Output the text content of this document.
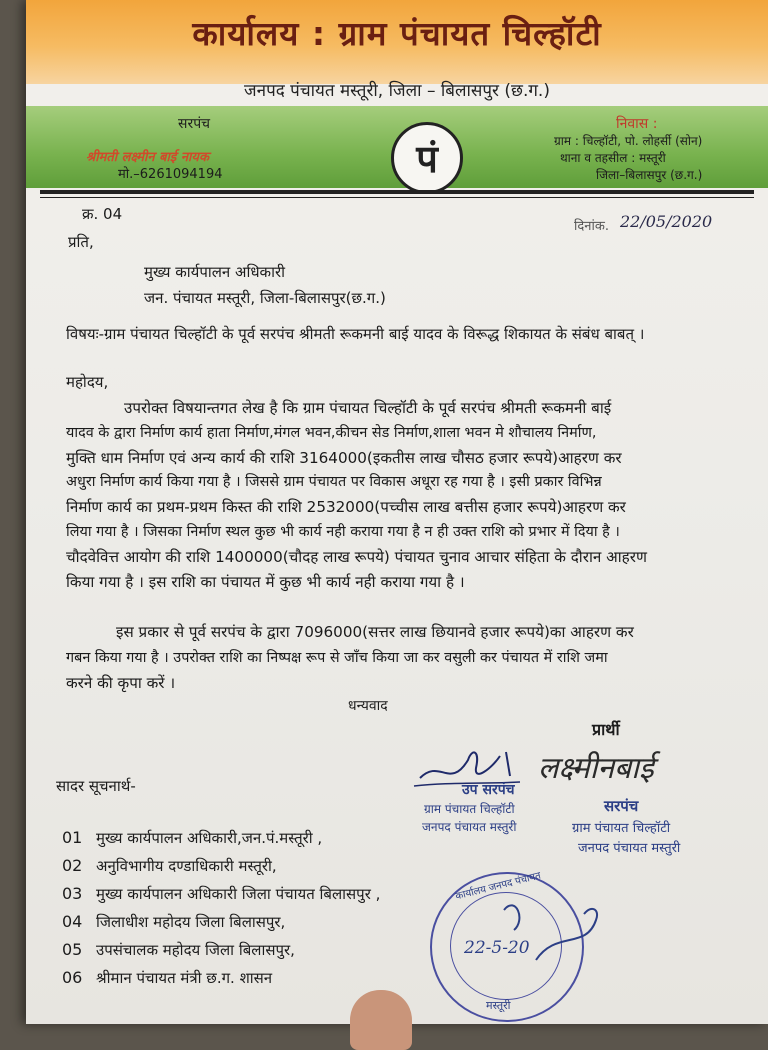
कार्यालय : ग्राम पंचायत चिल्हॉटी
जनपद पंचायत मस्तूरी, जिला – बिलासपुर (छ.ग.)
सरपंच
श्रीमती लक्ष्मीन बाई नायक
मो.–6261094194	पं
निवास :
ग्राम : चिल्हॉटी, पो. लोहर्सी (सोन)
थाना व तहसील : मस्तूरी
जिला–बिलासपुर (छ.ग.)
क्र. 04
दिनांक. 22/05/2020
प्रति,
मुख्य कार्यपालन अधिकारी
जन. पंचायत मस्तूरी, जिला-बिलासपुर(छ.ग.)
विषयः-ग्राम पंचायत चिल्हॉटी के पूर्व सरपंच श्रीमती रूकमनी बाई यादव के विरूद्ध शिकायत के संबंध बाबत् ।
महोदय,
उपरोक्त विषयान्तगत लेख है कि ग्राम पंचायत चिल्हॉटी के पूर्व सरपंच श्रीमती रूकमनी बाई
यादव के द्वारा निर्माण कार्य हाता निर्माण,मंगल भवन,कीचन सेड निर्माण,शाला भवन मे शौचालय निर्माण,
मुक्ति धाम निर्माण एवं अन्य कार्य की राशि 3164000(इकतीस लाख चौसठ हजार रूपये)आहरण कर
अधुरा निर्माण कार्य किया गया है । जिससे ग्राम पंचायत पर विकास अधूरा रह गया है । इसी प्रकार विभिन्न
निर्माण कार्य का प्रथम-प्रथम किस्त की राशि 2532000(पच्चीस लाख बत्तीस हजार रूपये)आहरण कर
लिया गया है । जिसका निर्माण स्थल कुछ भी कार्य नही कराया गया है न ही उक्त राशि को प्रभार में दिया है ।
चौदवेवित्त आयोग की राशि 1400000(चौदह लाख रूपये) पंचायत चुनाव आचार संहिता के दौरान आहरण
किया गया है । इस राशि का पंचायत में कुछ भी कार्य नही कराया गया है ।
इस प्रकार से पूर्व सरपंच के द्वारा 7096000(सत्तर लाख छियानवे हजार रूपये)का आहरण कर
गबन किया गया है । उपरोक्त राशि का निष्पक्ष रूप से जाँच किया जा कर वसुली कर पंचायत में राशि जमा
करने की कृपा करें ।
धन्यवाद
प्रार्थी
लक्ष्मीनबाई
उप सरपंच
ग्राम पंचायत चिल्हॉटी
जनपद पंचायत मस्तुरी
सरपंच
ग्राम पंचायत चिल्हॉटी
जनपद पंचायत मस्तुरी
सादर सूचनार्थ-
01 मुख्य कार्यपालन अधिकारी,जन.पं.मस्तूरी ,
02 अनुविभागीय दण्डाधिकारी मस्तूरी,
03 मुख्य कार्यपालन अधिकारी जिला पंचायत बिलासपुर ,
04 जिलाधीश महोदय जिला बिलासपुर,
05 उपसंचालक महोदय जिला बिलासपुर,
06 श्रीमान पंचायत मंत्री छ.ग. शासन
कार्यालय जनपद पंचायत
22-5-20
मस्तूरी
